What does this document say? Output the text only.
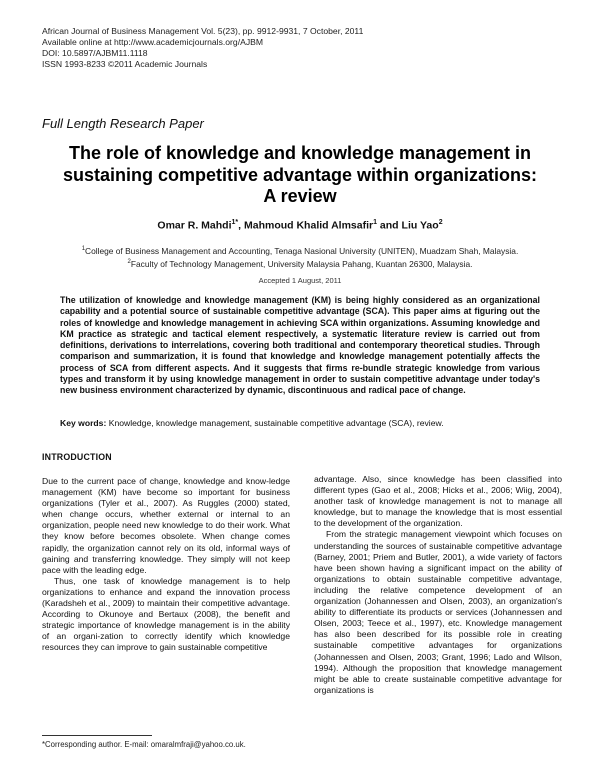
African Journal of Business Management Vol. 5(23), pp. 9912-9931, 7 October, 2011
Available online at http://www.academicjournals.org/AJBM
DOI: 10.5897/AJBM11.1118
ISSN 1993-8233 ©2011 Academic Journals
Full Length Research Paper
The role of knowledge and knowledge management in
sustaining competitive advantage within organizations:
A review
Omar R. Mahdi$^{1*}$, Mahmoud Khalid Almsafir$^1$ and Liu Yao$^2$
$^1$College of Business Management and Accounting, Tenaga Nasional University (UNITEN), Muadzam Shah, Malaysia.
$^2$Faculty of Technology Management, University Malaysia Pahang, Kuantan 26300, Malaysia.
Accepted 1 August, 2011
The utilization of knowledge and knowledge management (KM) is being highly considered as an organizational capability and a potential source of sustainable competitive advantage (SCA). This paper aims at figuring out the roles of knowledge and knowledge management in achieving SCA within organizations. Assuming knowledge and KM practice as strategic and tactical element respectively, a systematic literature review is carried out from definitions, derivations to interrelations, covering both traditional and contemporary theoretical studies. Through comparison and summarization, it is found that knowledge and knowledge management potentially affects the process of SCA from different aspects. And it suggests that firms re-bundle strategic knowledge from various types and transform it by using knowledge management in order to sustain competitive advantage under today's new business environment characterized by dynamic, discontinuous and radical pace of change.
Key words: Knowledge, knowledge management, sustainable competitive advantage (SCA), review.
INTRODUCTION

Due to the current pace of change, knowledge and know-ledge management (KM) have become so important for business organizations (Tyler et al., 2007). As Ruggles (2000) stated, when change occurs, whether external or internal to an organization, people need new knowledge to do their work. What they know before becomes obsolete. When change comes rapidly, the organization cannot rely on its old, informal ways of gaining and transferring knowledge. They simply will not keep pace with the leading edge.

Thus, one task of knowledge management is to help organizations to enhance and expand the innovation process (Karadsheh et al., 2009) to maintain their competitive advantage. According to Okunoye and Bertaux (2008), the benefit and strategic importance of knowledge management is in the ability of an organi-zation to correctly identify which knowledge resources they can improve to gain sustainable competitive

advantage. Also, since knowledge has been classified into different types (Gao et al., 2008; Hicks et al., 2006; Wiig, 2004), another task of knowledge management is not to manage all knowledge, but to manage the knowledge that is most essential to the development of the organization.

From the strategic management viewpoint which focuses on understanding the sources of sustainable competitive advantage (Barney, 2001; Priem and Butler, 2001), a wide variety of factors have been shown having a significant impact on the ability of organizations to obtain sustainable competitive advantage, including the relative competence development of an organization (Johannessen and Olsen, 2003), an organization's ability to differentiate its products or services (Johannessen and Olsen, 2003; Teece et al., 1997), etc. Knowledge management has also been described for its possible role in creating sustainable competitive advantages for organizations (Johannessen and Olsen, 2003; Grant, 1996; Lado and Wilson, 1994). Although the proposition that knowledge management might be able to create sustainable competitive advantage for organizations is

*Corresponding author. E-mail: omaralmfraji@yahoo.co.uk.
